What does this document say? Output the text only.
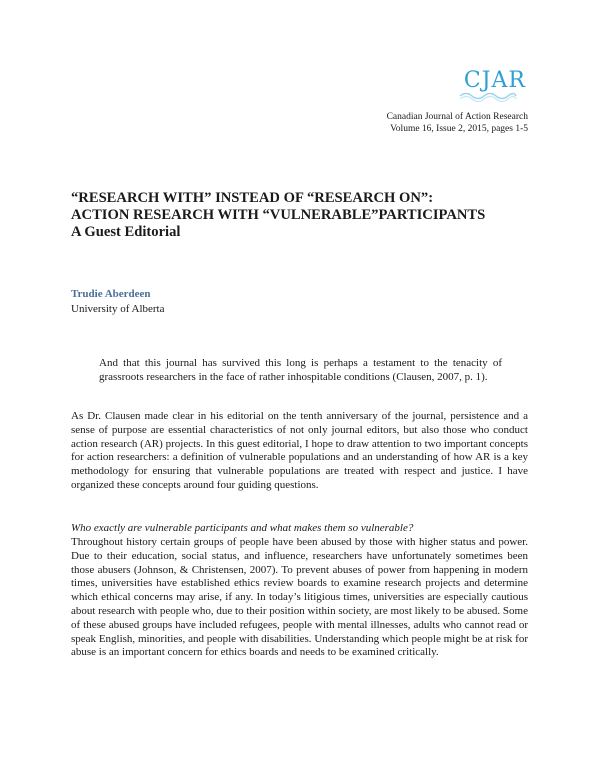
CJAR
Canadian Journal of Action Research
Volume 16, Issue 2, 2015, pages 1-5
“RESEARCH WITH” INSTEAD OF “RESEARCH ON”:
ACTION RESEARCH WITH “VULNERABLE”PARTICIPANTS
A Guest Editorial
Trudie Aberdeen
University of Alberta
And that this journal has survived this long is perhaps a testament to the tenacity of grassroots researchers in the face of rather inhospitable conditions (Clausen, 2007, p. 1).

As Dr. Clausen made clear in his editorial on the tenth anniversary of the journal, persistence and a sense of purpose are essential characteristics of not only journal editors, but also those who conduct action research (AR) projects. In this guest editorial, I hope to draw attention to two important concepts for action researchers: a definition of vulnerable populations and an understanding of how AR is a key methodology for ensuring that vulnerable populations are treated with respect and justice. I have organized these concepts around four guiding questions.

Who exactly are vulnerable participants and what makes them so vulnerable?

Throughout history certain groups of people have been abused by those with higher status and power. Due to their education, social status, and influence, researchers have unfortunately sometimes been those abusers (Johnson, & Christensen, 2007). To prevent abuses of power from happening in modern times, universities have established ethics review boards to examine research projects and determine which ethical concerns may arise, if any. In today’s litigious times, universities are especially cautious about research with people who, due to their position within society, are most likely to be abused. Some of these abused groups have included refugees, people with mental illnesses, adults who cannot read or speak English, minorities, and people with disabilities. Understanding which people might be at risk for abuse is an important concern for ethics boards and needs to be examined critically.
